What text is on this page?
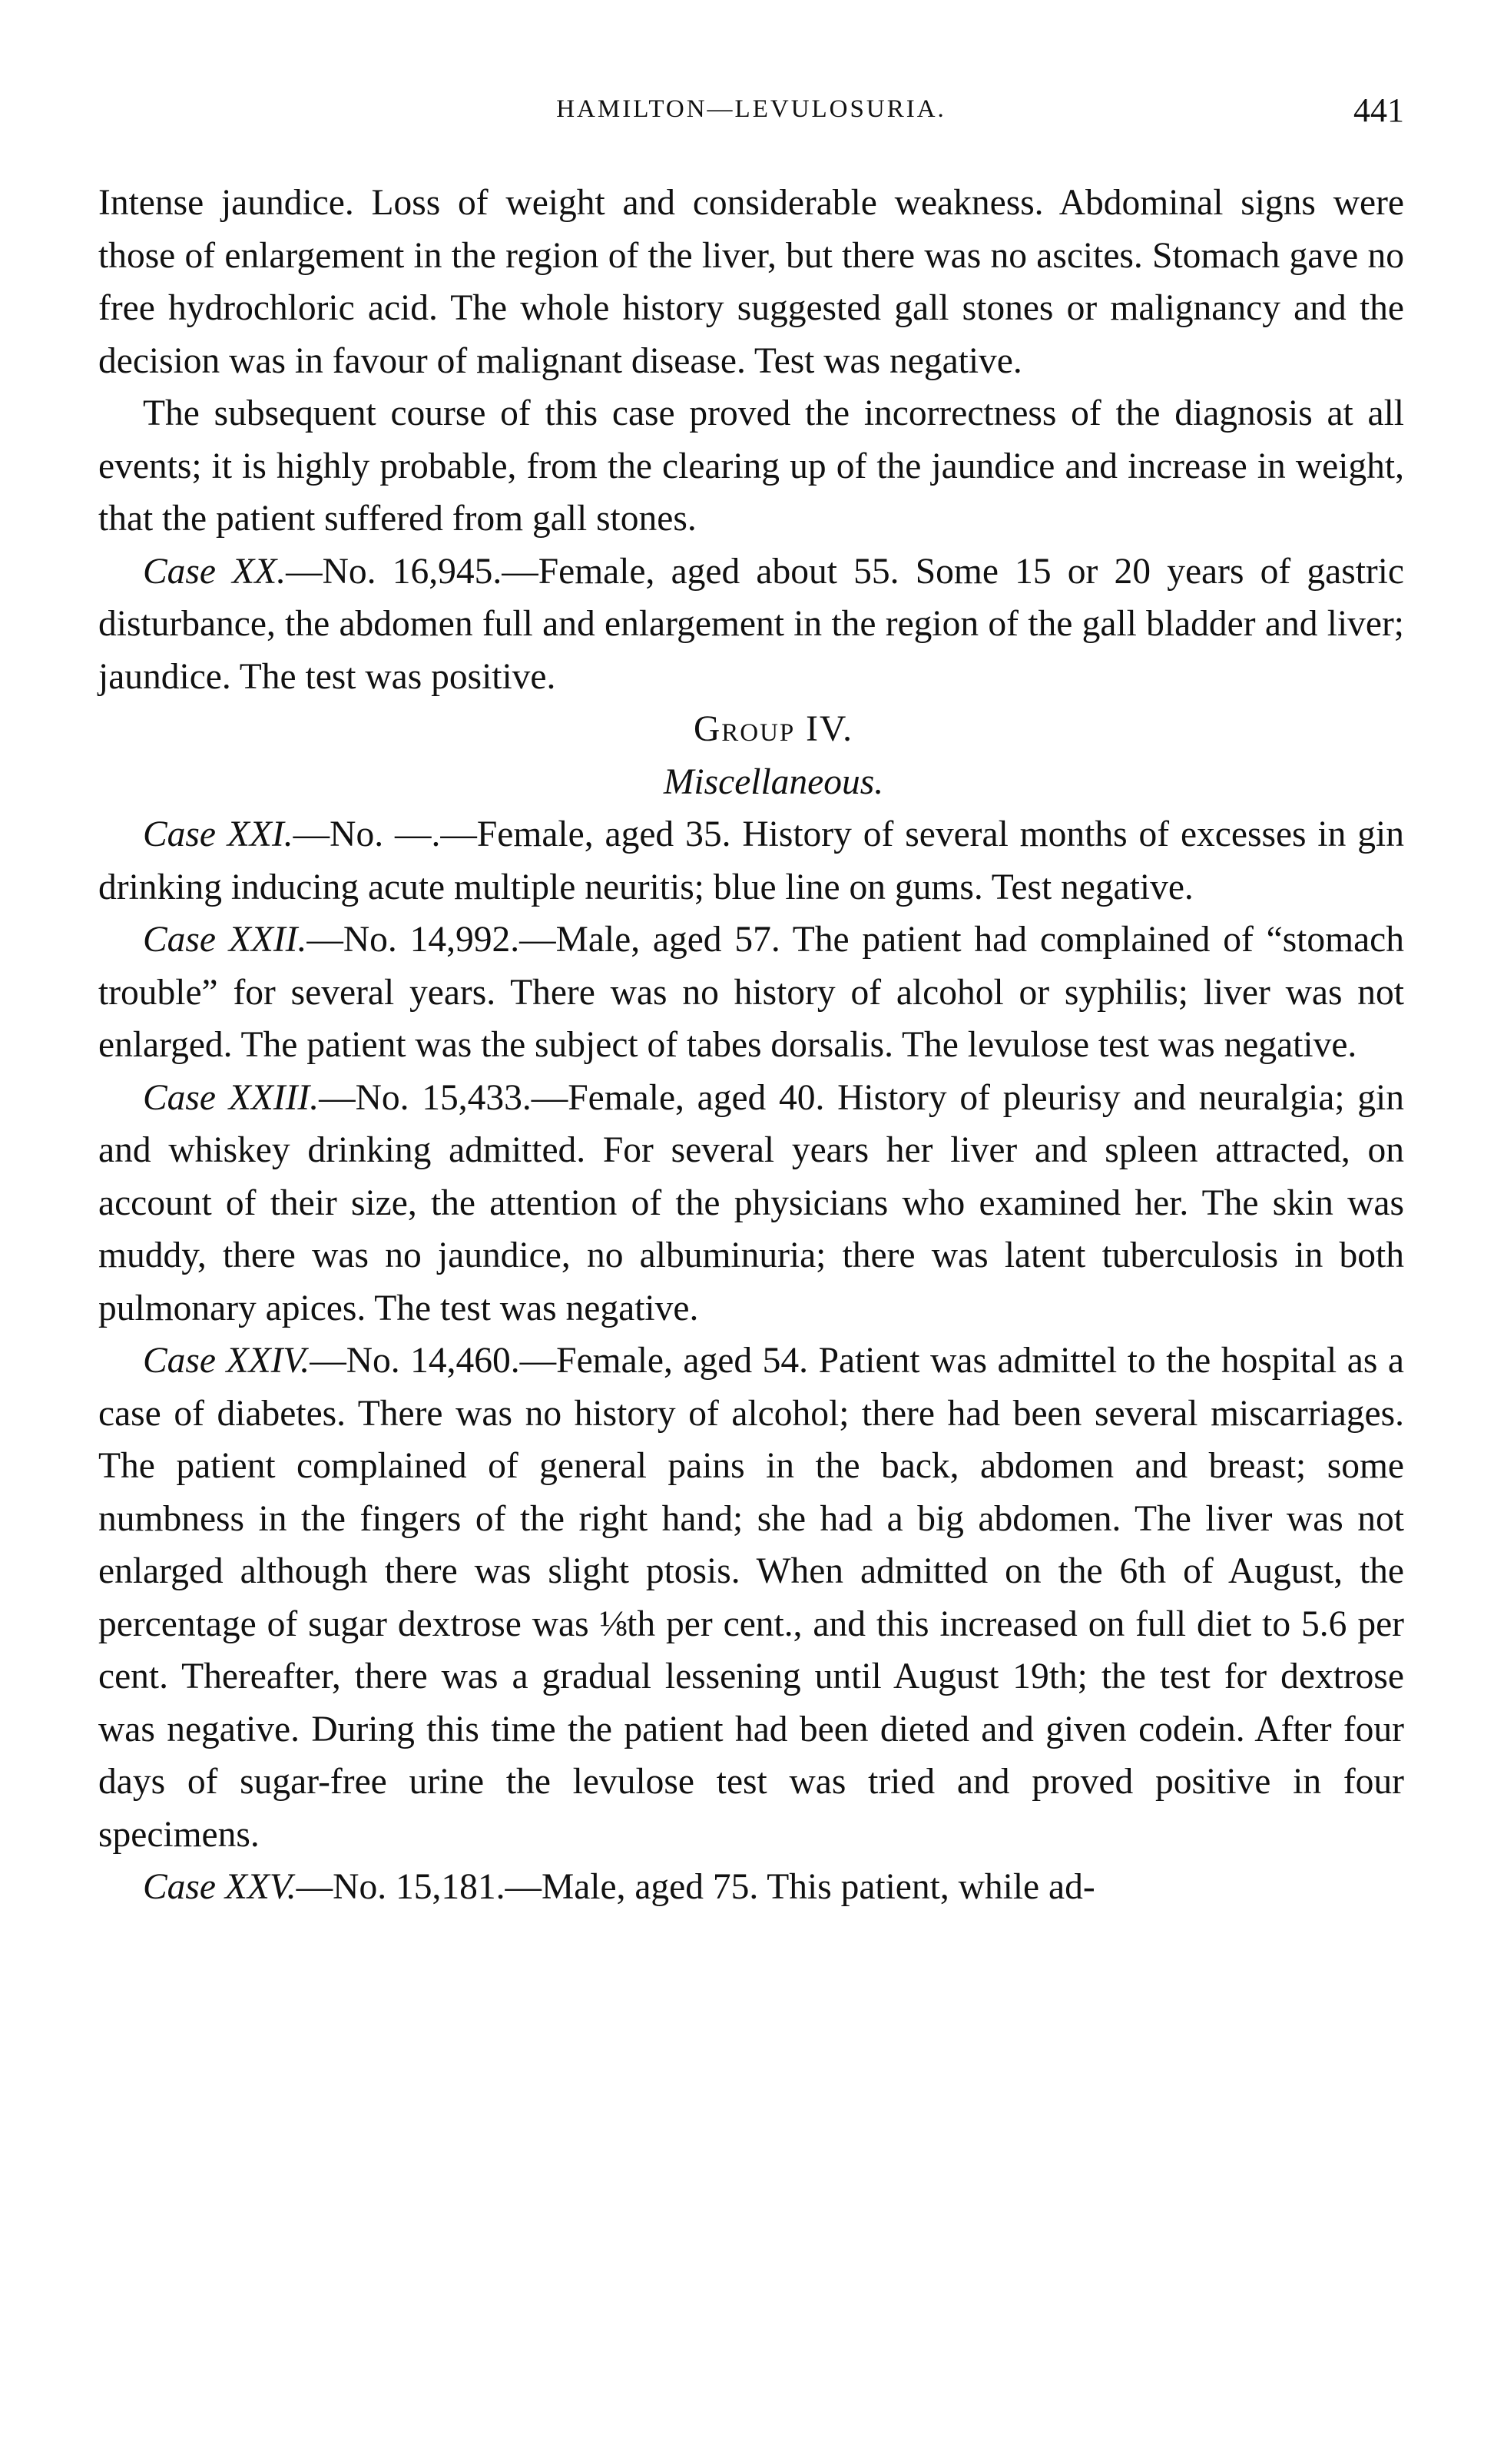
HAMILTON—LEVULOSURIA.	441

Intense jaundice. Loss of weight and considerable weakness. Abdominal signs were those of enlargement in the region of the liver, but there was no ascites. Stomach gave no free hydrochloric acid. The whole history suggested gall stones or malignancy and the decision was in favour of malignant disease. Test was negative.

The subsequent course of this case proved the incorrectness of the diagnosis at all events; it is highly probable, from the clearing up of the jaundice and increase in weight, that the patient suffered from gall stones.

Case XX.—No. 16,945.—Female, aged about 55. Some 15 or 20 years of gastric disturbance, the abdomen full and enlargement in the region of the gall bladder and liver; jaundice. The test was positive.

Group IV.

Miscellaneous.

Case XXI.—No. —.—Female, aged 35. History of several months of excesses in gin drinking inducing acute multiple neuritis; blue line on gums. Test negative.

Case XXII.—No. 14,992.—Male, aged 57. The patient had complained of “stomach trouble” for several years. There was no history of alcohol or syphilis; liver was not enlarged. The patient was the subject of tabes dorsalis. The levulose test was negative.

Case XXIII.—No. 15,433.—Female, aged 40. History of pleurisy and neuralgia; gin and whiskey drinking admitted. For several years her liver and spleen attracted, on account of their size, the attention of the physicians who examined her. The skin was muddy, there was no jaundice, no albuminuria; there was latent tuberculosis in both pulmonary apices. The test was negative.

Case XXIV.—No. 14,460.—Female, aged 54. Patient was admittel to the hospital as a case of diabetes. There was no history of alcohol; there had been several miscarriages. The patient complained of general pains in the back, abdomen and breast; some numbness in the fingers of the right hand; she had a big abdomen. The liver was not enlarged although there was slight ptosis. When admitted on the 6th of August, the percentage of sugar dextrose was ⅛th per cent., and this increased on full diet to 5.6 per cent. Thereafter, there was a gradual lessening until August 19th; the test for dextrose was negative. During this time the patient had been dieted and given codein. After four days of sugar-free urine the levulose test was tried and proved positive in four specimens.

Case XXV.—No. 15,181.—Male, aged 75. This patient, while ad-
